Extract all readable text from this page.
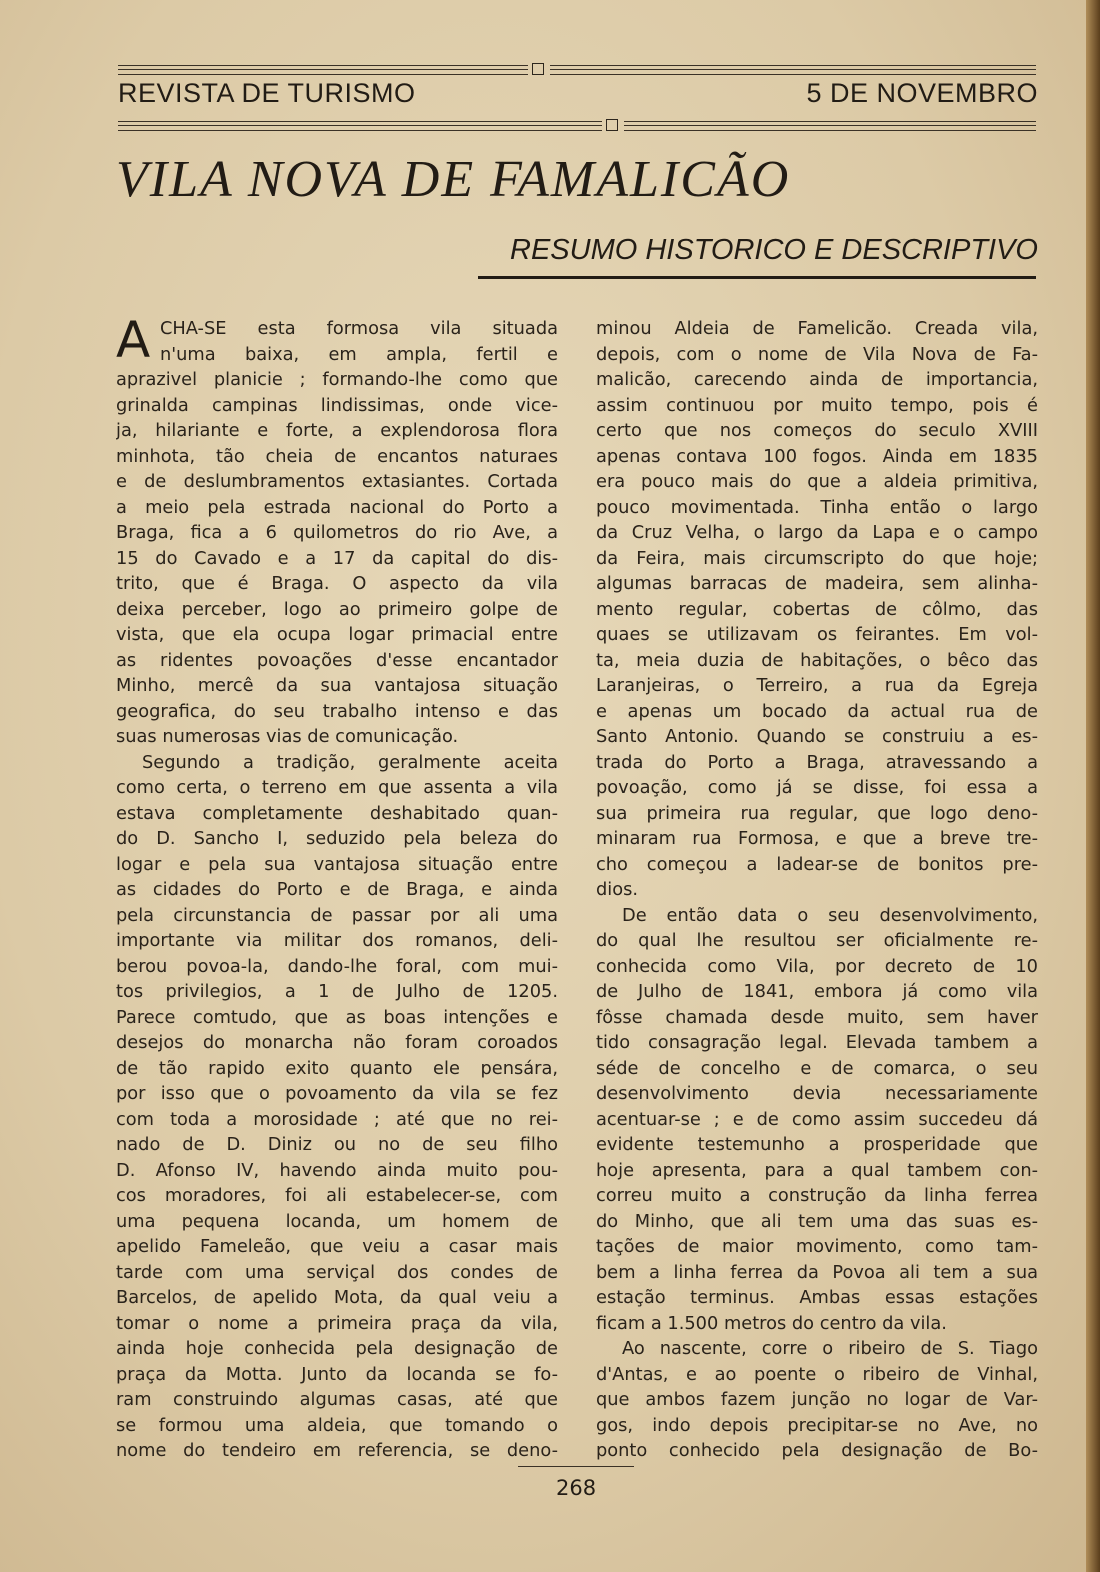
REVISTA DE TURISMO	5 DE NOVEMBRO
VILA NOVA DE FAMALICÃO
RESUMO HISTORICO E DESCRIPTIVO
A CHA-SE esta formosa vila situada
n'uma baixa, em ampla, fertil e
aprazivel planicie ; formando-lhe como que
grinalda campinas lindissimas, onde vice-
ja, hilariante e forte, a explendorosa flora
minhota, tão cheia de encantos naturaes
e de deslumbramentos extasiantes. Cortada
a meio pela estrada nacional do Porto a
Braga, fica a 6 quilometros do rio Ave, a
15 do Cavado e a 17 da capital do dis-
trito, que é Braga. O aspecto da vila
deixa perceber, logo ao primeiro golpe de
vista, que ela ocupa logar primacial entre
as ridentes povoações d'esse encantador
Minho, mercê da sua vantajosa situação
geografica, do seu trabalho intenso e das
suas numerosas vias de comunicação.
Segundo a tradição, geralmente aceita
como certa, o terreno em que assenta a vila
estava completamente deshabitado quan-
do D. Sancho I, seduzido pela beleza do
logar e pela sua vantajosa situação entre
as cidades do Porto e de Braga, e ainda
pela circunstancia de passar por ali uma
importante via militar dos romanos, deli-
berou povoa-la, dando-lhe foral, com mui-
tos privilegios, a 1 de Julho de 1205.
Parece comtudo, que as boas intenções e
desejos do monarcha não foram coroados
de tão rapido exito quanto ele pensára,
por isso que o povoamento da vila se fez
com toda a morosidade ; até que no rei-
nado de D. Diniz ou no de seu filho
D. Afonso IV, havendo ainda muito pou-
cos moradores, foi ali estabelecer-se, com
uma pequena locanda, um homem de
apelido Fameleão, que veiu a casar mais
tarde com uma serviçal dos condes de
Barcelos, de apelido Mota, da qual veiu a
tomar o nome a primeira praça da vila,
ainda hoje conhecida pela designação de
praça da Motta. Junto da locanda se fo-
ram construindo algumas casas, até que
se formou uma aldeia, que tomando o
nome do tendeiro em referencia, se deno-
minou Aldeia de Famelicão. Creada vila,
depois, com o nome de Vila Nova de Fa-
malicão, carecendo ainda de importancia,
assim continuou por muito tempo, pois é
certo que nos começos do seculo XVIII
apenas contava 100 fogos. Ainda em 1835
era pouco mais do que a aldeia primitiva,
pouco movimentada. Tinha então o largo
da Cruz Velha, o largo da Lapa e o campo
da Feira, mais circumscripto do que hoje;
algumas barracas de madeira, sem alinha-
mento regular, cobertas de côlmo, das
quaes se utilizavam os feirantes. Em vol-
ta, meia duzia de habitações, o bêco das
Laranjeiras, o Terreiro, a rua da Egreja
e apenas um bocado da actual rua de
Santo Antonio. Quando se construiu a es-
trada do Porto a Braga, atravessando a
povoação, como já se disse, foi essa a
sua primeira rua regular, que logo deno-
minaram rua Formosa, e que a breve tre-
cho começou a ladear-se de bonitos pre-
dios.
De então data o seu desenvolvimento,
do qual lhe resultou ser oficialmente re-
conhecida como Vila, por decreto de 10
de Julho de 1841, embora já como vila
fôsse chamada desde muito, sem haver
tido consagração legal. Elevada tambem a
séde de concelho e de comarca, o seu
desenvolvimento devia necessariamente
acentuar-se ; e de como assim succedeu dá
evidente testemunho a prosperidade que
hoje apresenta, para a qual tambem con-
correu muito a construção da linha ferrea
do Minho, que ali tem uma das suas es-
tações de maior movimento, como tam-
bem a linha ferrea da Povoa ali tem a sua
estação terminus. Ambas essas estações
ficam a 1.500 metros do centro da vila.
Ao nascente, corre o ribeiro de S. Tiago
d'Antas, e ao poente o ribeiro de Vinhal,
que ambos fazem junção no logar de Var-
gos, indo depois precipitar-se no Ave, no
ponto conhecido pela designação de Bo-
268
